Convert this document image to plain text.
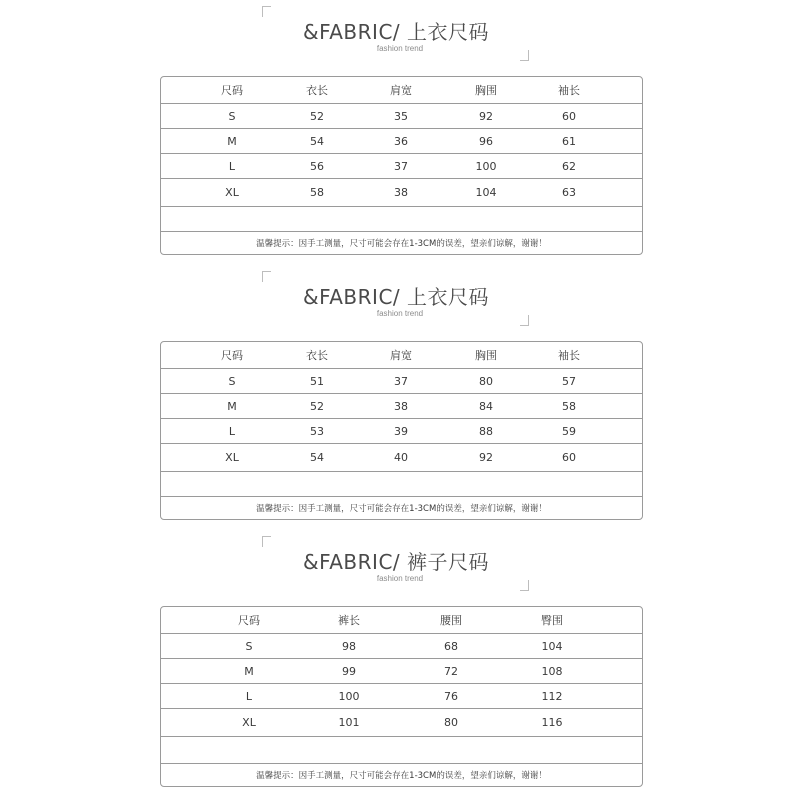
&FABRIC/ 上衣尺码
fashion trend
尺码	衣长	肩宽	胸围	袖长
S	52	35	92	60
M	54	36	96	61
L	56	37	100	62
XL	58	38	104	63
温馨提示：因手工测量，尺寸可能会存在1-3CM的误差，望亲们谅解，谢谢！
&FABRIC/ 上衣尺码
fashion trend
尺码	衣长	肩宽	胸围	袖长
S	51	37	80	57
M	52	38	84	58
L	53	39	88	59
XL	54	40	92	60
温馨提示：因手工测量，尺寸可能会存在1-3CM的误差，望亲们谅解，谢谢！
&FABRIC/ 裤子尺码
fashion trend
尺码	裤长	腰围	臀围
S	98	68	104
M	99	72	108
L	100	76	112
XL	101	80	116
温馨提示：因手工测量，尺寸可能会存在1-3CM的误差，望亲们谅解，谢谢！
